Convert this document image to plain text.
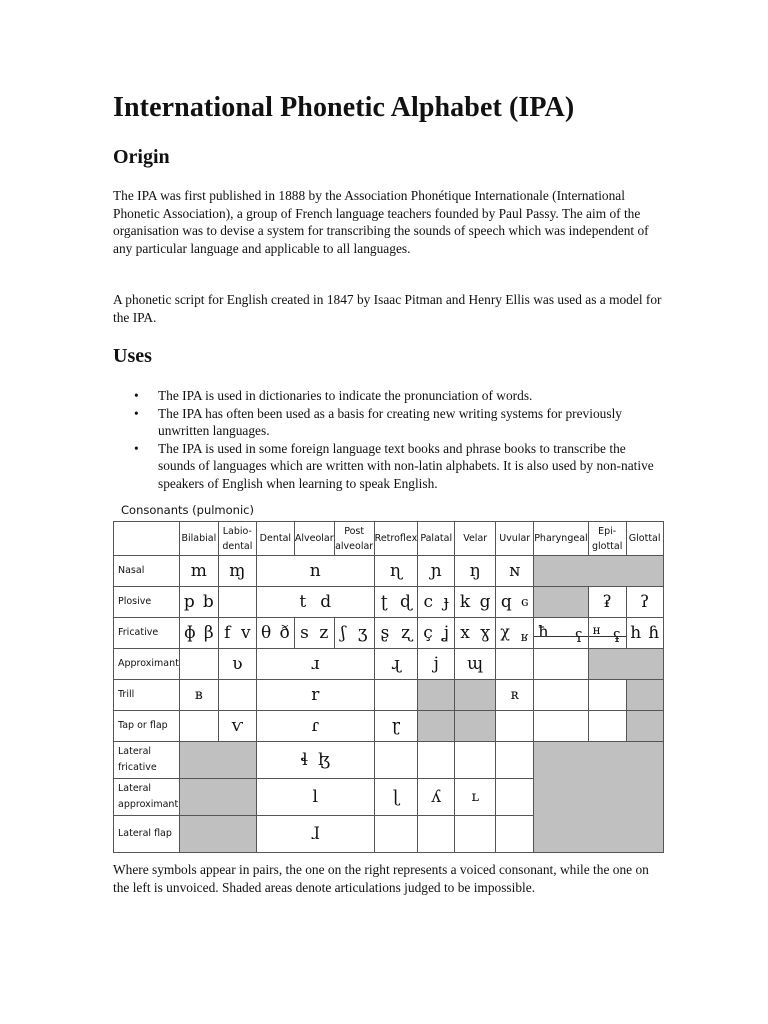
International Phonetic Alphabet (IPA)
Origin

The IPA was first published in 1888 by the Association Phonétique Internationale (International Phonetic Association), a group of French language teachers founded by Paul Passy. The aim of the organisation was to devise a system for transcribing the sounds of speech which was independent of any particular language and applicable to all languages.

A phonetic script for English created in 1847 by Isaac Pitman and Henry Ellis was used as a model for the IPA.

Uses
• The IPA is used in dictionaries to indicate the pronunciation of words.
• The IPA has often been used as a basis for creating new writing systems for previously unwritten languages.
• The IPA is used in some foreign language text books and phrase books to transcribe the sounds of languages which are written with non-latin alphabets. It is also used by non-native speakers of English when learning to speak English.
Consonants (pulmonic)
	Bilabial	Labio-dental	Dental	Alveolar	Post alveolar	Retroflex	Palatal	Velar	Uvular	Pharyngeal	Epi-glottal	Glottal
Nasal	m	ɱ	n			ɳ	ɲ	ŋ	ɴ			
Plosive	p b		t d			ʈ ɖ	c ɟ	k g	q ɢ		ʡ	ʔ
Fricative	ɸ β	f v	θ ð	s z	ʃ ʒ	ʂ ʐ	ç ʝ	x ɣ	χ ʁ	ħ ʕ	ʜ ʢ	h ɦ

Approximant		ʋ	ɹ			ɻ	j	ɰ				
Trill	ʙ		r						ʀ			
Tap or flap		ⱱ	ɾ			ɽ						
Lateral fricative			ɬ ɮ									

Lateral approximant			l			ɭ	ʎ	ʟ				
Lateral flap			ɺ									

Where symbols appear in pairs, the one on the right represents a voiced consonant, while the one on the left is unvoiced. Shaded areas denote articulations judged to be impossible.
